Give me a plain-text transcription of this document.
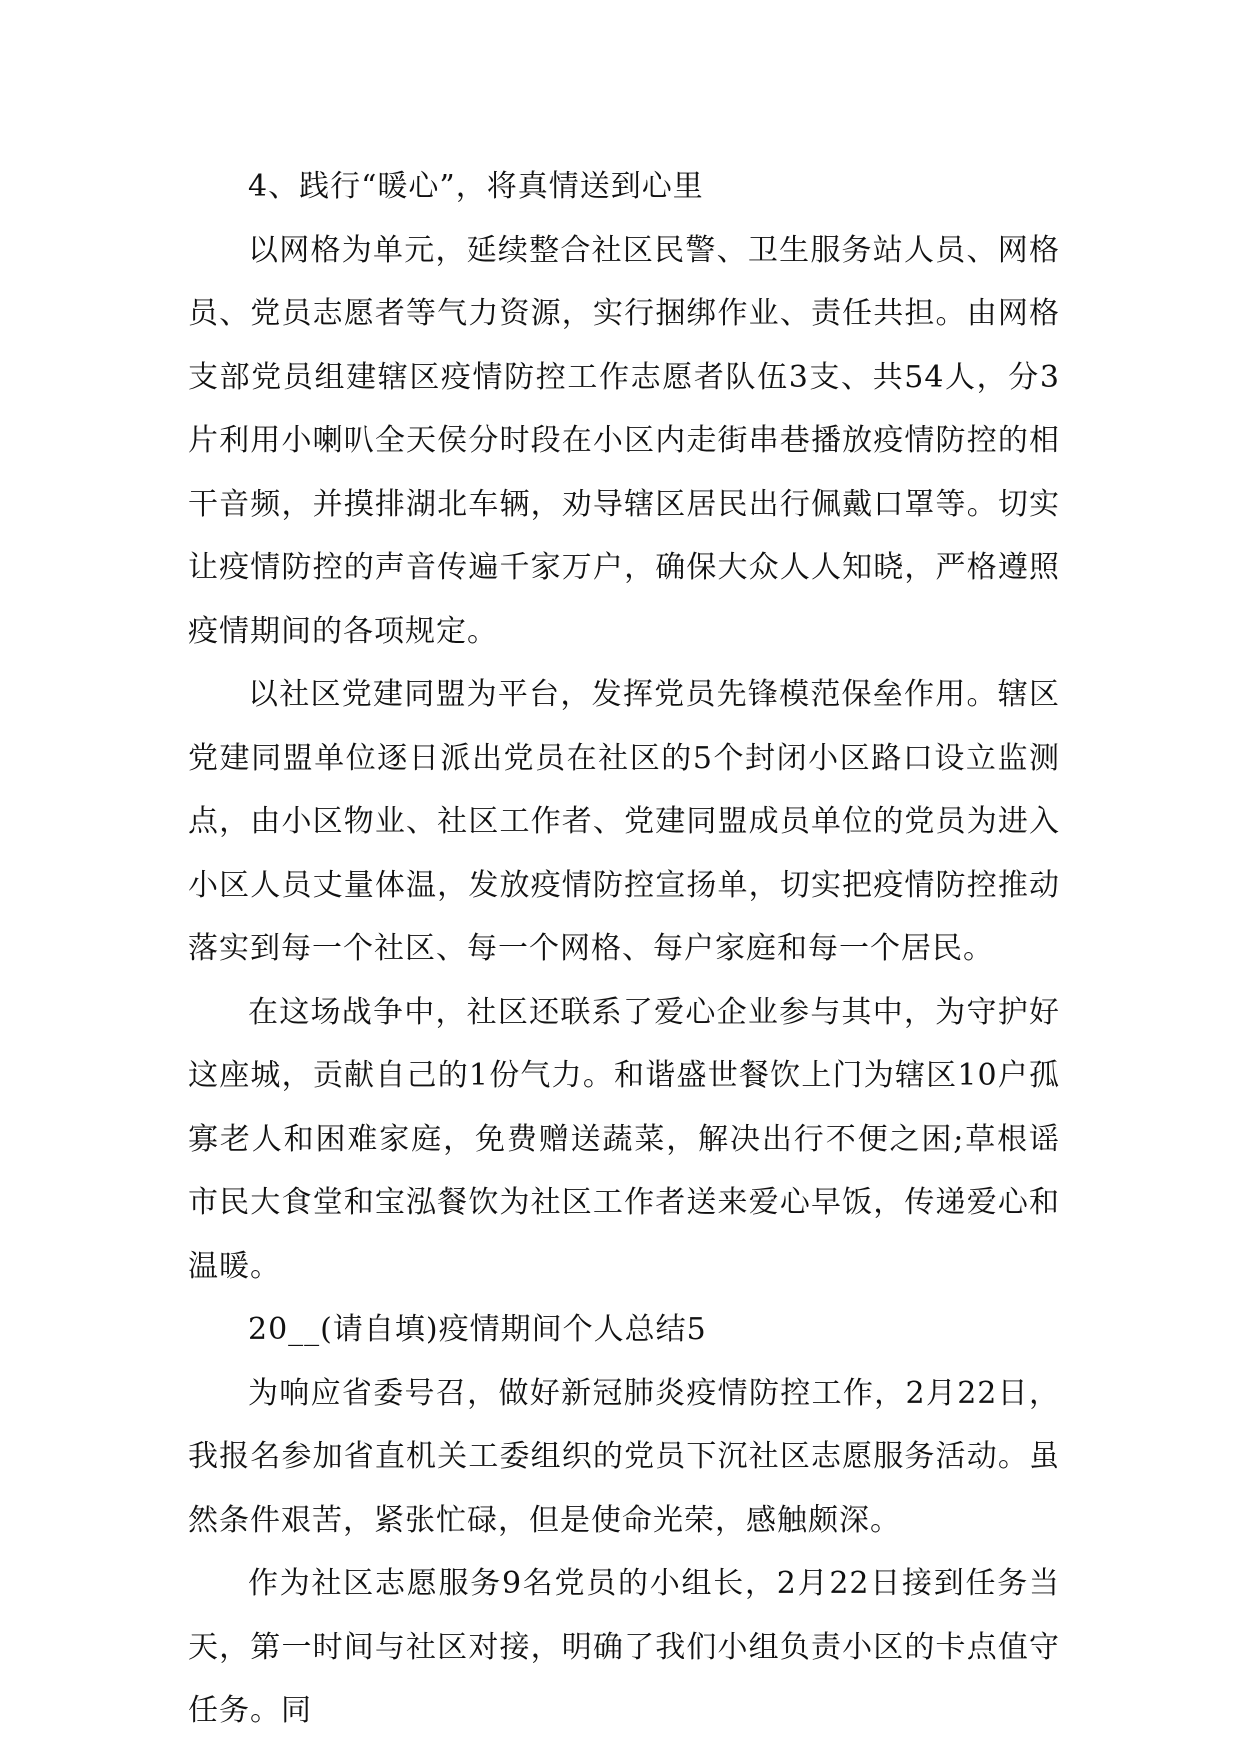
4、践行“暖心”，将真情送到心里

以网格为单元，延续整合社区民警、卫生服务站人员、网格员、党员志愿者等气力资源，实行捆绑作业、责任共担。由网格支部党员组建辖区疫情防控工作志愿者队伍3支、共54人，分3片利用小喇叭全天侯分时段在小区内走街串巷播放疫情防控的相干音频，并摸排湖北车辆，劝导辖区居民出行佩戴口罩等。切实让疫情防控的声音传遍千家万户，确保大众人人知晓，严格遵照疫情期间的各项规定。

以社区党建同盟为平台，发挥党员先锋模范保垒作用。辖区党建同盟单位逐日派出党员在社区的5个封闭小区路口设立监测点，由小区物业、社区工作者、党建同盟成员单位的党员为进入小区人员丈量体温，发放疫情防控宣扬单，切实把疫情防控推动落实到每一个社区、每一个网格、每户家庭和每一个居民。

在这场战争中，社区还联系了爱心企业参与其中，为守护好这座城，贡献自己的1份气力。和谐盛世餐饮上门为辖区10户孤寡老人和困难家庭，免费赠送蔬菜，解决出行不便之困;草根谣市民大食堂和宝泓餐饮为社区工作者送来爱心早饭，传递爱心和温暖。

20__(请自填)疫情期间个人总结5

为响应省委号召，做好新冠肺炎疫情防控工作，2月22日，我报名参加省直机关工委组织的党员下沉社区志愿服务活动。虽然条件艰苦，紧张忙碌，但是使命光荣，感触颇深。

作为社区志愿服务9名党员的小组长，2月22日接到任务当天，第一时间与社区对接，明确了我们小组负责小区的卡点值守任务。同
